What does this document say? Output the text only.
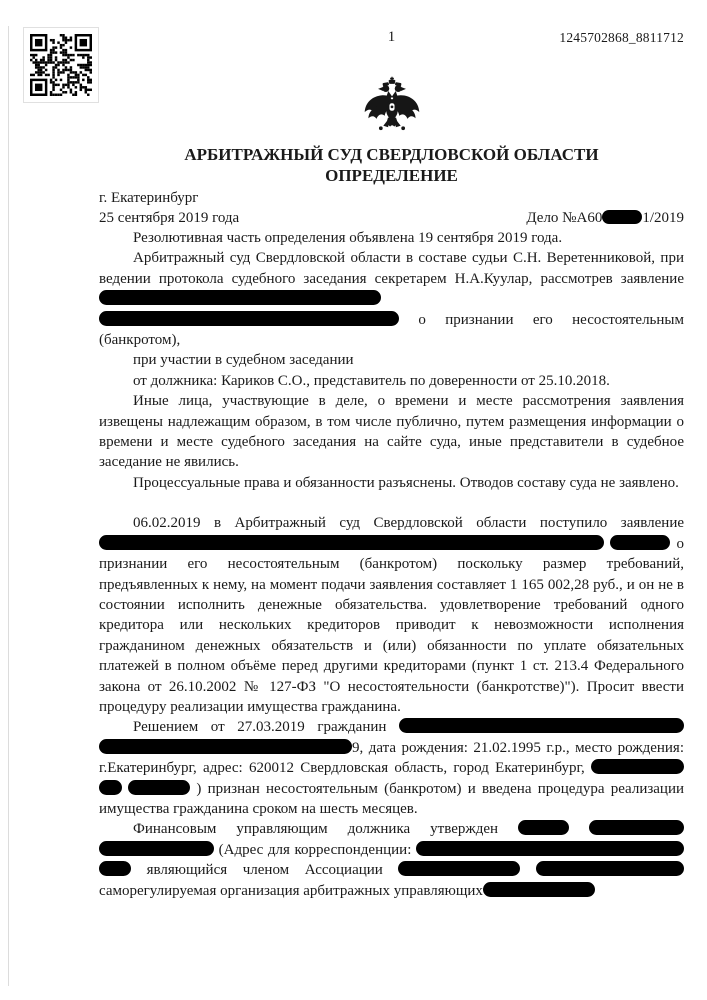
1	1245702868_8811712
АРБИТРАЖНЫЙ СУД СВЕРДЛОВСКОЙ ОБЛАСТИ
ОПРЕДЕЛЕНИЕ
г. Екатеринбург
25 сентября 2019 года	Дело №А60	1/2019

Резолютивная часть определения объявлена 19 сентября 2019 года.

Арбитражный суд Свердловской области в составе судьи С.Н. Веретенниковой, при ведении протокола судебного заседания секретарем Н.А.Куулар, рассмотрев заявление   о признании его несостоятельным (банкротом),

при участии в судебном заседании

от должника: Кариков С.О., представитель по доверенности от 25.10.2018.

Иные лица, участвующие в деле, о времени и месте рассмотрения заявления извещены надлежащим образом, в том числе публично, путем размещения информации о времени и месте судебного заседания на сайте суда, иные представители в судебное заседание не явились.

Процессуальные права и обязанности разъяснены. Отводов составу суда не заявлено.

06.02.2019 в Арбитражный суд Свердловской области поступило заявление   о признании его несостоятельным (банкротом) поскольку размер требований, предъявленных к нему, на момент подачи заявления составляет 1 165 002,28 руб., и он не в состоянии исполнить денежные обязательства. удовлетворение требований одного кредитора или нескольких кредиторов приводит к невозможности исполнения гражданином денежных обязательств и (или) обязанности по уплате обязательных платежей в полном объёме перед другими кредиторами (пункт 1 ст. 213.4 Федерального закона от 26.10.2002 № 127-ФЗ "О несостоятельности (банкротстве)"). Просит ввести процедуру реализации имущества гражданина.

Решением от 27.03.2019 гражданин  9, дата рождения: 21.02.1995 г.р., место рождения: г.Екатеринбург, адрес: 620012 Свердловская область, город Екатеринбург,    ) признан несостоятельным (банкротом) и введена процедура реализации имущества гражданина сроком на шесть месяцев.

Финансовым управляющим должника утвержден    (Адрес для корреспонденции:   являющийся членом Ассоциации   саморегулируемая организация арбитражных управляющих
